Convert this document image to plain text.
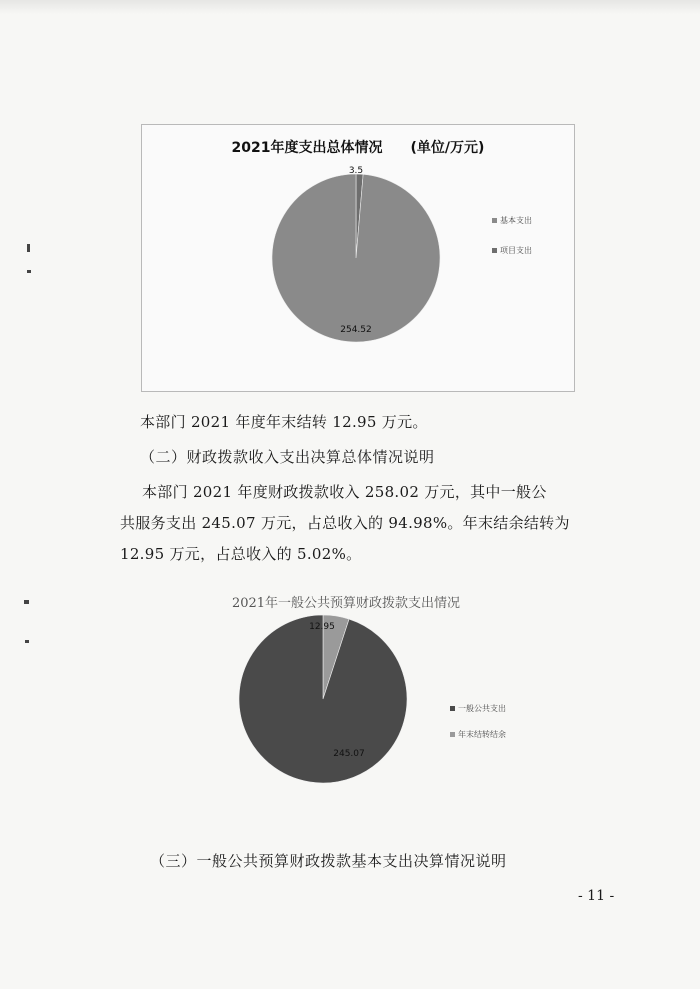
2021年度支出总体情况 (单位/万元)
254.52
3.5
基本支出
项目支出

本部门 2021 年度年末结转 12.95 万元。

（二）财政拨款收入支出决算总体情况说明

本部门 2021 年度财政拨款收入 258.02 万元，其中一般公

共服务支出 245.07 万元，占总收入的 94.98%。年末结余结转为

12.95 万元，占总收入的 5.02%。

2021年一般公共预算财政拨款支出情况
245.07
12.95
一般公共支出
年末结转结余

（三）一般公共预算财政拨款基本支出决算情况说明

- 11 -
